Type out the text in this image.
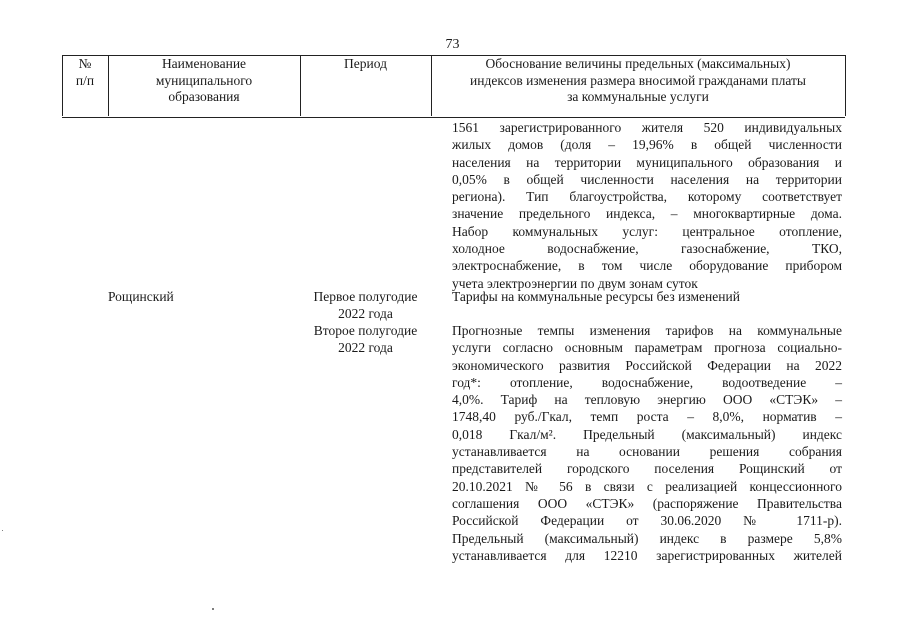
73
№
п/п
Наименование
муниципального
образования
Период	Обоснование величины предельных (максимальных)
индексов изменения размера вносимой гражданами платы
за коммунальные услуги
1561 зарегистрированного жителя 520 индивидуальных
жилых домов (доля – 19,96% в общей численности
населения на территории муниципального образования и
0,05% в общей численности населения на территории
региона). Тип благоустройства, которому соответствует
значение предельного индекса, – многоквартирные дома.
Набор коммунальных услуг: центральное отопление,
холодное водоснабжение, газоснабжение, ТКО,
электроснабжение, в том числе оборудование прибором
учета электроэнергии по двум зонам суток
Рощинский	Первое полугодие
2022 года
Второе полугодие
2022 года
Тарифы на коммунальные ресурсы без изменений
Прогнозные темпы изменения тарифов на коммунальные
услуги согласно основным параметрам прогноза социально-
экономического развития Российской Федерации на 2022
год*: отопление, водоснабжение, водоотведение –
4,0%. Тариф на тепловую энергию ООО «СТЭК» –
1748,40 руб./Гкал, темп роста – 8,0%, норматив –
0,018 Гкал/м². Предельный (максимальный) индекс
устанавливается на основании решения собрания
представителей городского поселения Рощинский от
20.10.2021 № 56 в связи с реализацией концессионного
соглашения ООО «СТЭК» (распоряжение Правительства
Российской Федерации от 30.06.2020 № 1711-р).
Предельный (максимальный) индекс в размере 5,8%
устанавливается для 12210 зарегистрированных жителей
